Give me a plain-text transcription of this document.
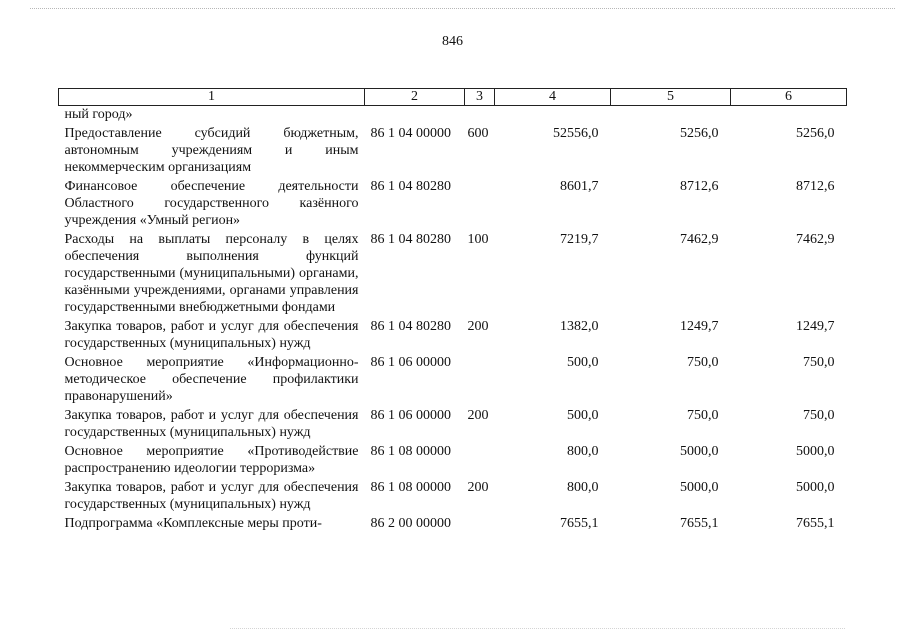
846
1	2	3	4	5	6
ный город»					
Предоставление субсидий бюджетным, автономным учреждениям и иным некоммерческим организациям	86 1 04 00000	600	52556,0	5256,0	5256,0
Финансовое обеспечение деятельности Областного государственного казённого учреждения «Умный регион»	86 1 04 80280		8601,7	8712,6	8712,6
Расходы на выплаты персоналу в целях обеспечения выполнения функций государственными (муниципальными) органами, казёнными учреждениями, органами управления государственными внебюджетными фондами	86 1 04 80280	100	7219,7	7462,9	7462,9
Закупка товаров, работ и услуг для обеспечения государственных (муниципальных) нужд	86 1 04 80280	200	1382,0	1249,7	1249,7
Основное мероприятие «Информационно-методическое обеспечение профилактики правонарушений»	86 1 06 00000		500,0	750,0	750,0
Закупка товаров, работ и услуг для обеспечения государственных (муниципальных) нужд	86 1 06 00000	200	500,0	750,0	750,0
Основное мероприятие «Противодействие распространению идеологии терроризма»	86 1 08 00000		800,0	5000,0	5000,0
Закупка товаров, работ и услуг для обеспечения государственных (муниципальных) нужд	86 1 08 00000	200	800,0	5000,0	5000,0
Подпрограмма «Комплексные меры проти-	86 2 00 00000		7655,1	7655,1	7655,1
